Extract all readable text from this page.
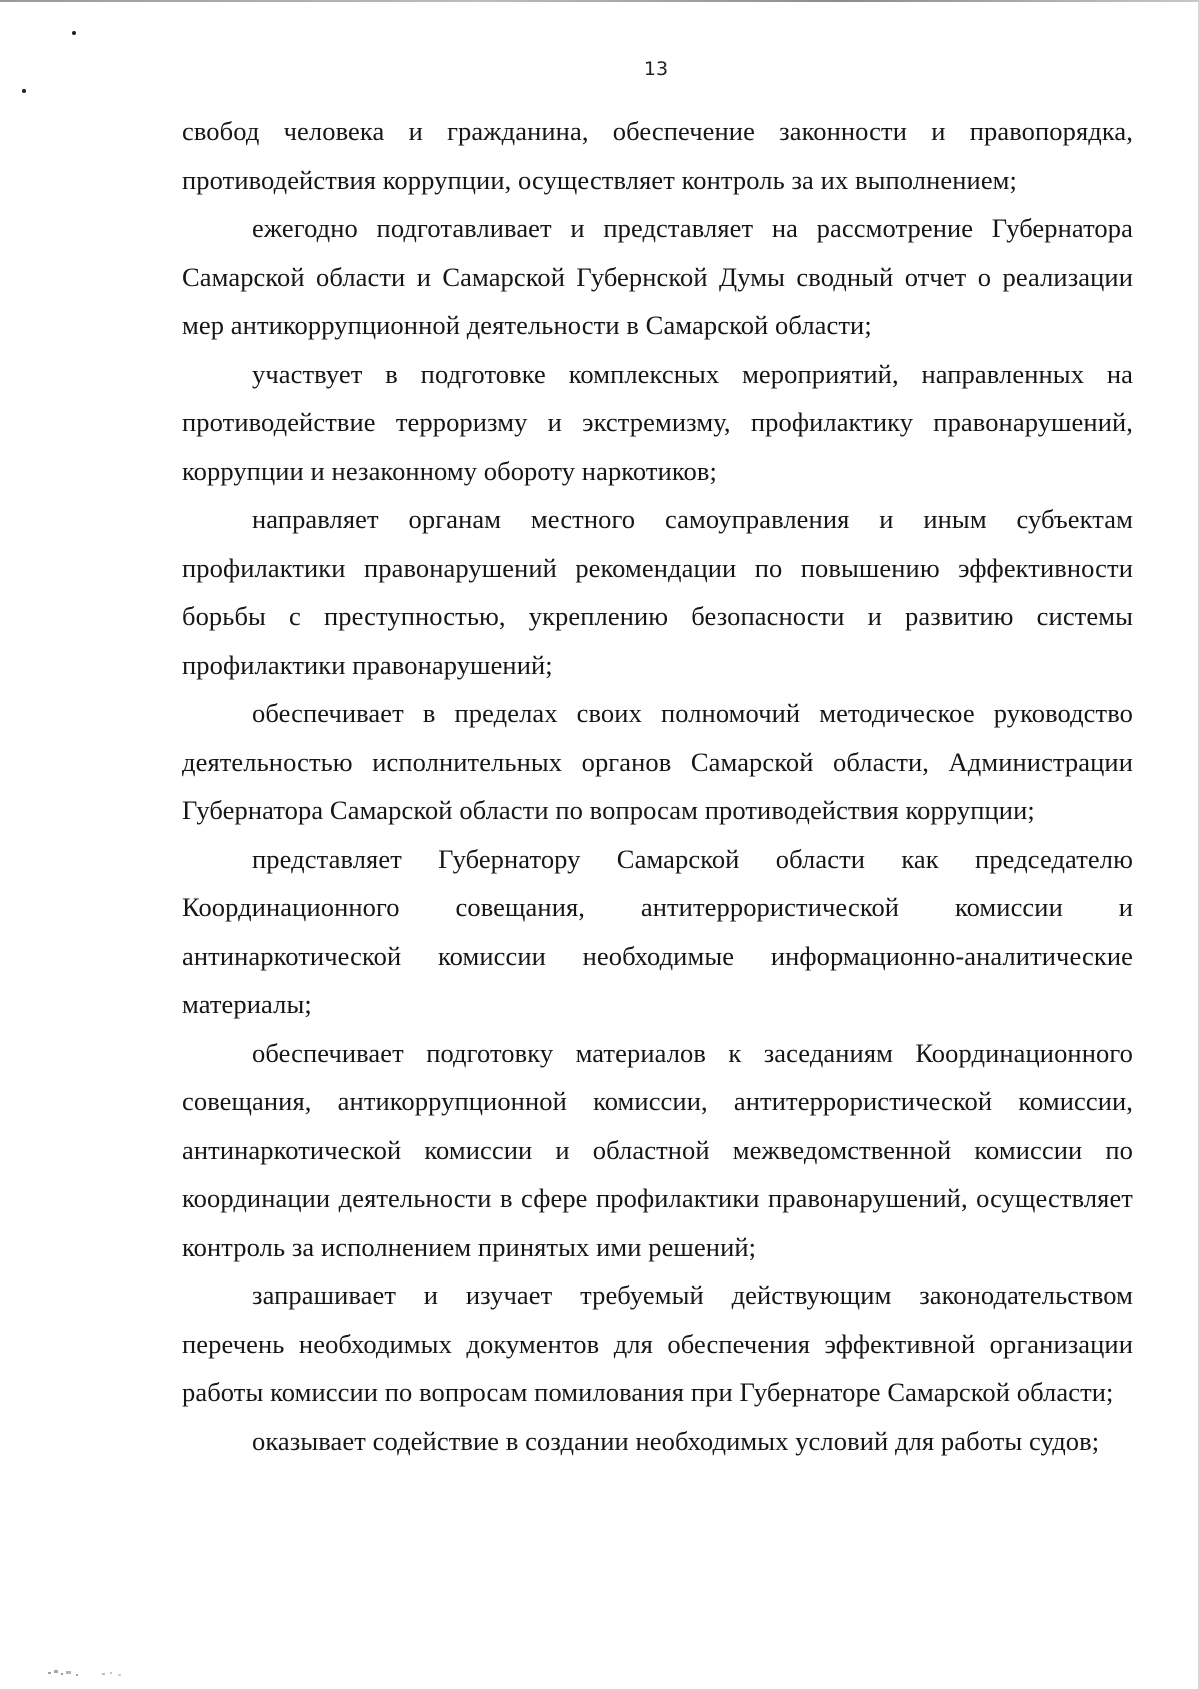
13

свобод человека и гражданина, обеспечение законности и правопорядка, противодействия коррупции, осуществляет контроль за их выполнением;

ежегодно подготавливает и представляет на рассмотрение Губернатора Самарской области и Самарской Губернской Думы сводный отчет о реализации мер антикоррупционной деятельности в Самарской области;

участвует в подготовке комплексных мероприятий, направленных на противодействие терроризму и экстремизму, профилактику правонарушений, коррупции и незаконному обороту наркотиков;

направляет органам местного самоуправления и иным субъектам профилактики правонарушений рекомендации по повышению эффективности борьбы с преступностью, укреплению безопасности и развитию системы профилактики правонарушений;

обеспечивает в пределах своих полномочий методическое руководство деятельностью исполнительных органов Самарской области, Администрации Губернатора Самарской области по вопросам противодействия коррупции;

представляет Губернатору Самарской области как председателю Координационного совещания, антитеррористической комиссии и антинаркотической комиссии необходимые информационно-аналитические материалы;

обеспечивает подготовку материалов к заседаниям Координационного совещания, антикоррупционной комиссии, антитеррористической комиссии, антинаркотической комиссии и областной межведомственной комиссии по координации деятельности в сфере профилактики правонарушений, осуществляет контроль за исполнением принятых ими решений;

запрашивает и изучает требуемый действующим законодательством перечень необходимых документов для обеспечения эффективной организации работы комиссии по вопросам помилования при Губернаторе Самарской области;

оказывает содействие в создании необходимых условий для работы судов;
